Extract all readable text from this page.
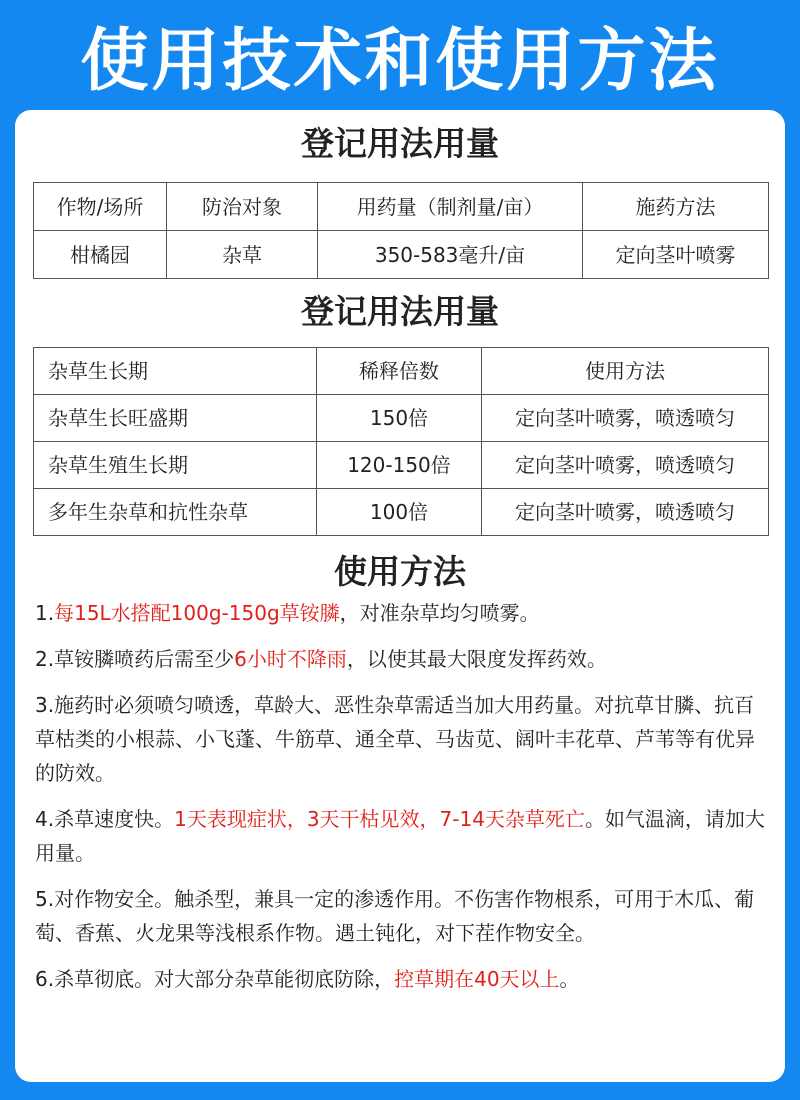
使用技术和使用方法
登记用法用量
作物/场所	防治对象	用药量（制剂量/亩）	施药方法
柑橘园	杂草	350-583毫升/亩	定向茎叶喷雾
登记用法用量
杂草生长期	稀释倍数	使用方法
杂草生长旺盛期	150倍	定向茎叶喷雾，喷透喷匀
杂草生殖生长期	120-150倍	定向茎叶喷雾，喷透喷匀
多年生杂草和抗性杂草	100倍	定向茎叶喷雾，喷透喷匀
使用方法

1.每15L水搭配100g-150g草铵膦，对准杂草均匀喷雾。

2.草铵膦喷药后需至少6小时不降雨，以使其最大限度发挥药效。

3.施药时必须喷匀喷透，草龄大、恶性杂草需适当加大用药量。对抗草甘膦、抗百草枯类的小根蒜、小飞蓬、牛筋草、通全草、马齿苋、阔叶丰花草、芦苇等有优异的防效。

4.杀草速度快。1天表现症状，3天干枯见效，7-14天杂草死亡。如气温滴，请加大用量。

5.对作物安全。触杀型，兼具一定的渗透作用。不伤害作物根系，可用于木瓜、葡萄、香蕉、火龙果等浅根系作物。遇土钝化，对下茬作物安全。

6.杀草彻底。对大部分杂草能彻底防除，控草期在40天以上。
